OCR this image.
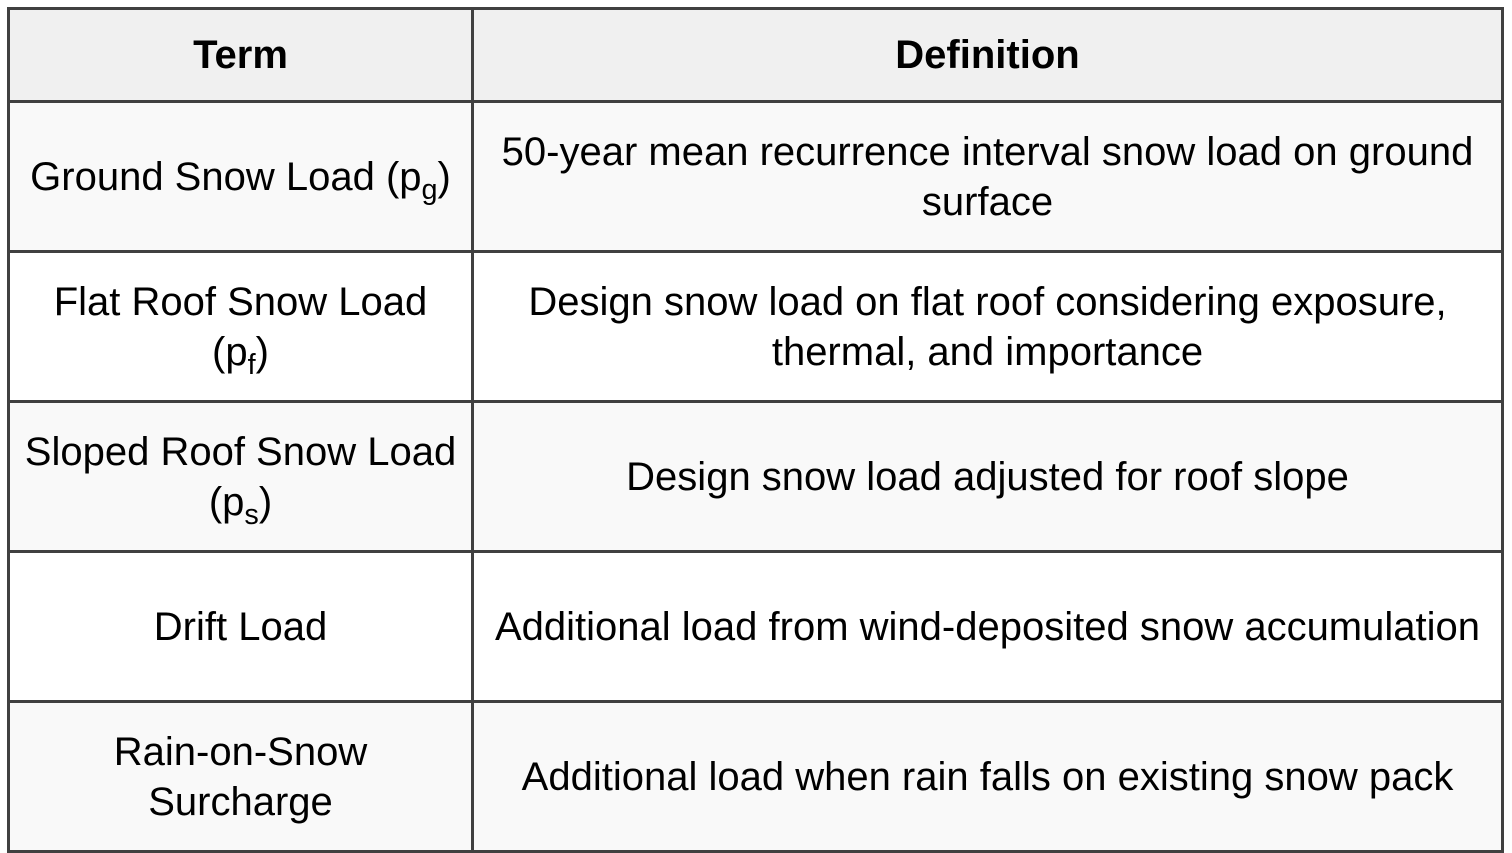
Term	Definition
Ground Snow Load $(p_g)$	50-year mean recurrence interval snow load on ground surface
Flat Roof Snow Load $(p_f)$	Design snow load on flat roof considering exposure, thermal, and importance
Sloped Roof Snow Load $(p_s)$	Design snow load adjusted for roof slope
Drift Load	Additional load from wind-deposited snow accumulation
Rain-on-Snow Surcharge	Additional load when rain falls on existing snow pack
